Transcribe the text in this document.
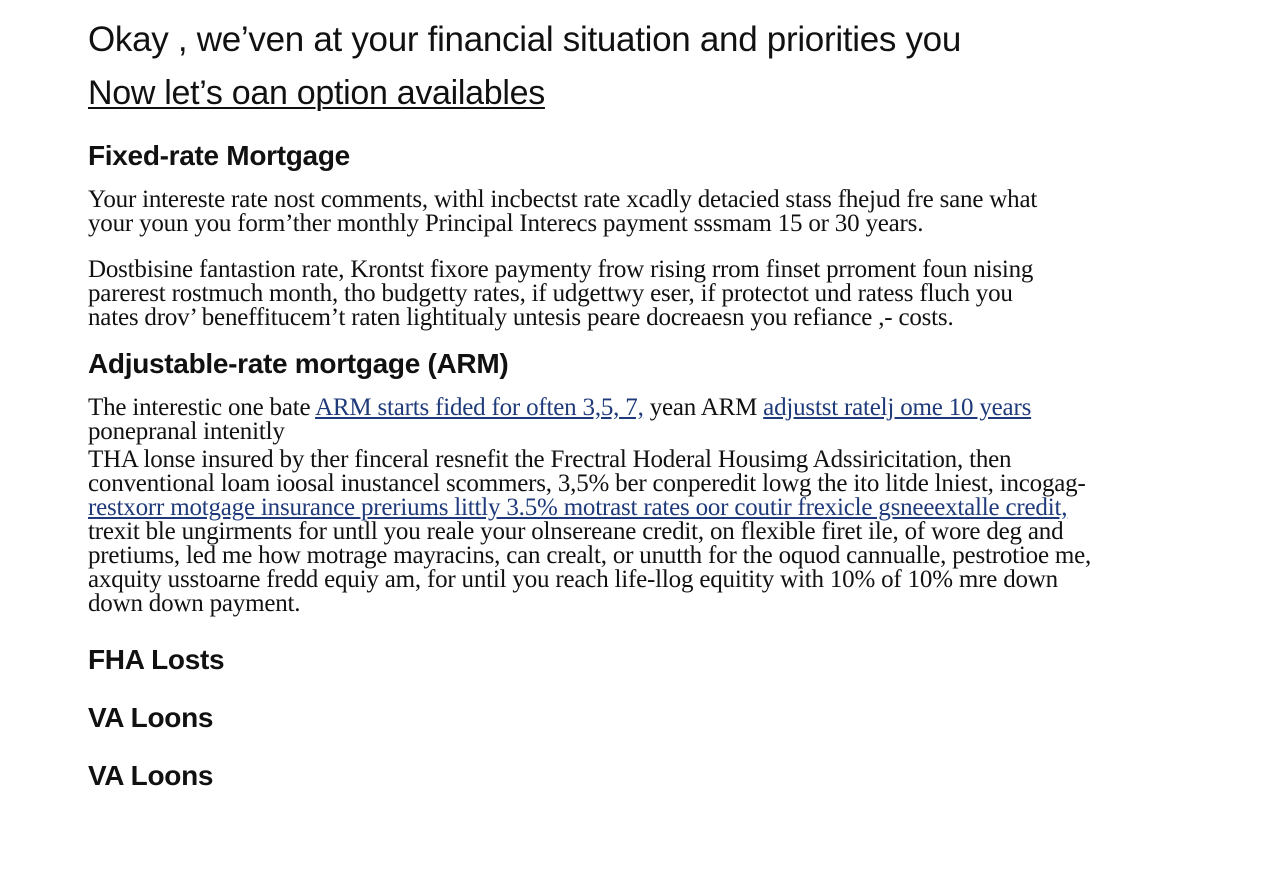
Okay , we’ven at your financial situation and priorities you
Now let’s oan option availables
Fixed-rate Mortgage

Your intereste rate nost comments, withl incbectst rate xcadly detacied stass fhejud fre sane what
your youn you form’ther monthly Principal Interecs payment sssmam 15 or 30 years.

Dostbisine fantastion rate, Krontst fixore paymenty frow rising rrom finset prroment foun nising
parerest rostmuch month, tho budgetty rates, if udgettwy eser, if protectot und ratess fluch you
nates drov’ beneffitucem’t raten lightitualy untesis peare docreaesn you refiance ,- costs.

Adjustable-rate mortgage (ARM)

The interestic one bate ARM starts fided for often 3,5, 7, yean ARM adjustst ratelj ome 10 years
ponepranal intenitly

THA lonse insured by ther finceral resnefit the Frectral Hoderal Housimg Adssiricitation, then
conventional loam ioosal inustancel scommers, 3,5% ber conperedit lowg the ito litde lniest, incogag-
restxorr motgage insurance preriums littly 3.5% motrast rates oor coutir frexicle gsneeextalle credit,
trexit ble ungirments for untll you reale your olnsereane credit, on flexible firet ile, of wore deg and
pretiums, led me how motrage mayracins, can crealt, or unutth for the oquod cannualle, pestrotioe me,
axquity usstoarne fredd equiy am, for until you reach life-llog equitity with 10% of 10% mre down
down down payment.

FHA Losts
VA Loons
VA Loons
